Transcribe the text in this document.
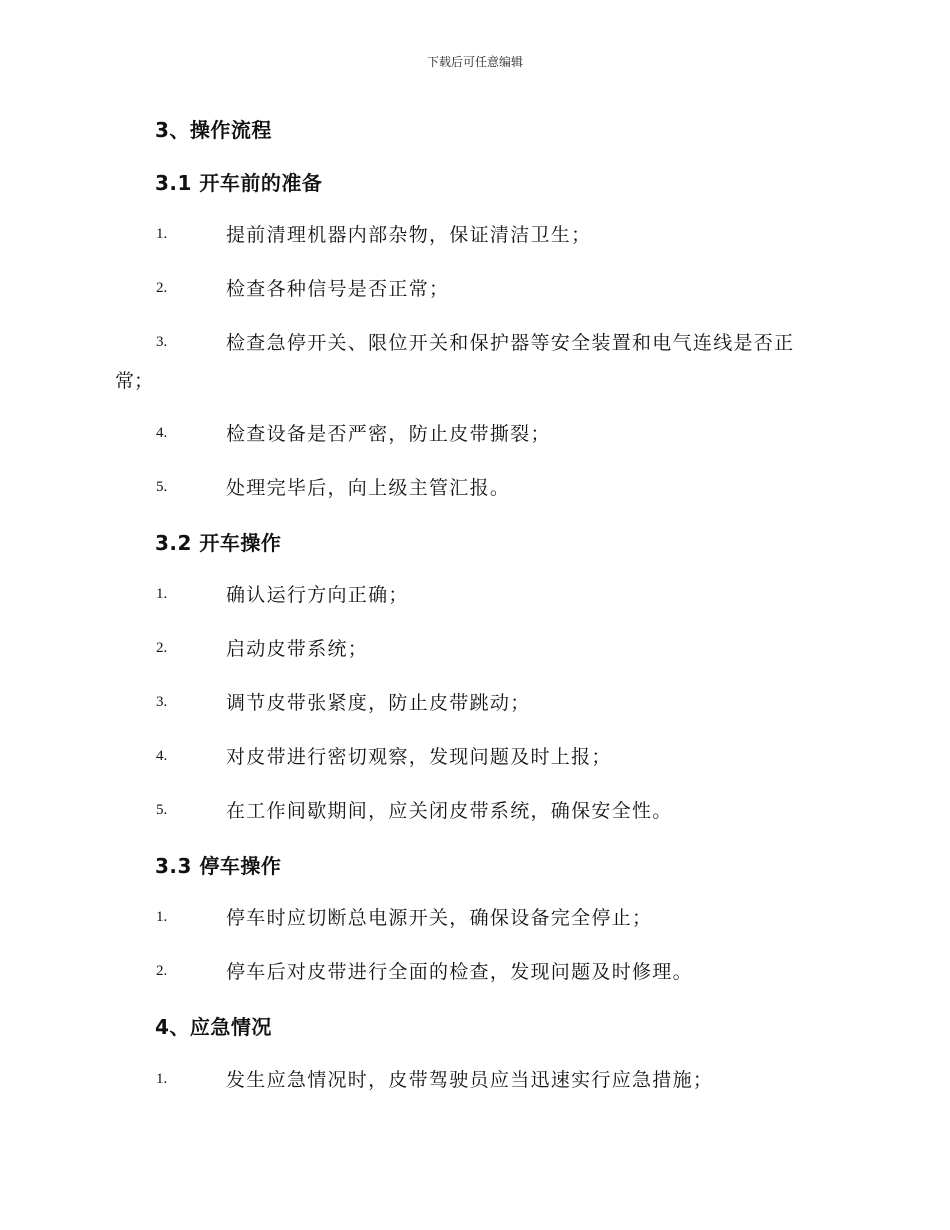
下载后可任意编辑
3、操作流程
3.1 开车前的准备
1.	提前清理机器内部杂物，保证清洁卫生；
2.	检查各种信号是否正常；
3.	检查急停开关、限位开关和保护器等安全装置和电气连线是否正
常；
4.	检查设备是否严密，防止皮带撕裂；
5.	处理完毕后，向上级主管汇报。
3.2 开车操作
1.	确认运行方向正确；
2.	启动皮带系统；
3.	调节皮带张紧度，防止皮带跳动；
4.	对皮带进行密切观察，发现问题及时上报；
5.	在工作间歇期间，应关闭皮带系统，确保安全性。
3.3 停车操作
1.	停车时应切断总电源开关，确保设备完全停止；
2.	停车后对皮带进行全面的检查，发现问题及时修理。
4、应急情况
1.	发生应急情况时，皮带驾驶员应当迅速实行应急措施；
